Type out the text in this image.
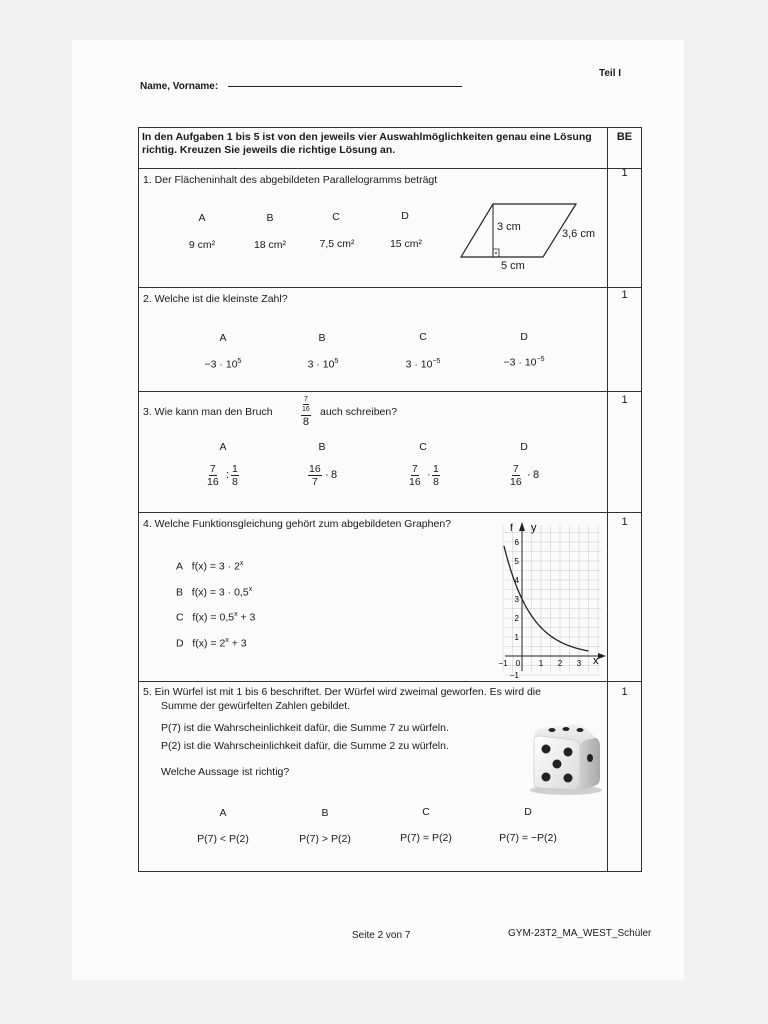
Name, Vorname:
Teil I
In den Aufgaben 1 bis 5 ist von den jeweils vier Auswahlmöglichkeiten genau eine Lösung richtig. Kreuzen Sie jeweils die richtige Lösung an.
BE
1. Der Flächeninhalt des abgebildeten Parallelogramms beträgt
1
A	B	C	D
9 cm²	18 cm²	7,5 cm²	15 cm²
3 cm
3,6 cm
5 cm
2. Welche ist die kleinste Zahl?	1
A	B	C	D
$-3 \cdot 10^5$	$3 \cdot 10^5$	$3 \cdot 10^{-5}$	$-3 \cdot 10^{-5}$
3. Wie kann man den Bruch
7
16
8
auch schreiben?
1
A	B	C	D
$\frac{7}{16}$ : $\frac{1}{8}$	$\frac{16}{7} \cdot 8$	$\frac{7}{16} \cdot \frac{1}{8}$	$\frac{7}{16} \cdot 8$
4. Welche Funktionsgleichung gehört zum abgebildeten Graphen?	1
A $f(x) = 3 \cdot 2^x$
B $f(x) = 3 \cdot 0,5^x$
C $f(x) = 0,5^x + 3$
D $f(x) = 2^x + 3$
6
5
4
3
2
1
−1
−1 0 1 2 3
f y
x
5. Ein Würfel ist mit 1 bis 6 beschriftet. Der Würfel wird zweimal geworfen. Es wird die
Summe der gewürfelten Zahlen gebildet.
1
P(7) ist die Wahrscheinlichkeit dafür, die Summe 7 zu würfeln.
P(2) ist die Wahrscheinlichkeit dafür, die Summe 2 zu würfeln.
Welche Aussage ist richtig?
A	B	C	D
P(7) < P(2)	P(7) > P(2)	P(7) = P(2)	P(7) = −P(2)
Seite 2 von 7	GYM-23T2_MA_WEST_Schüler
